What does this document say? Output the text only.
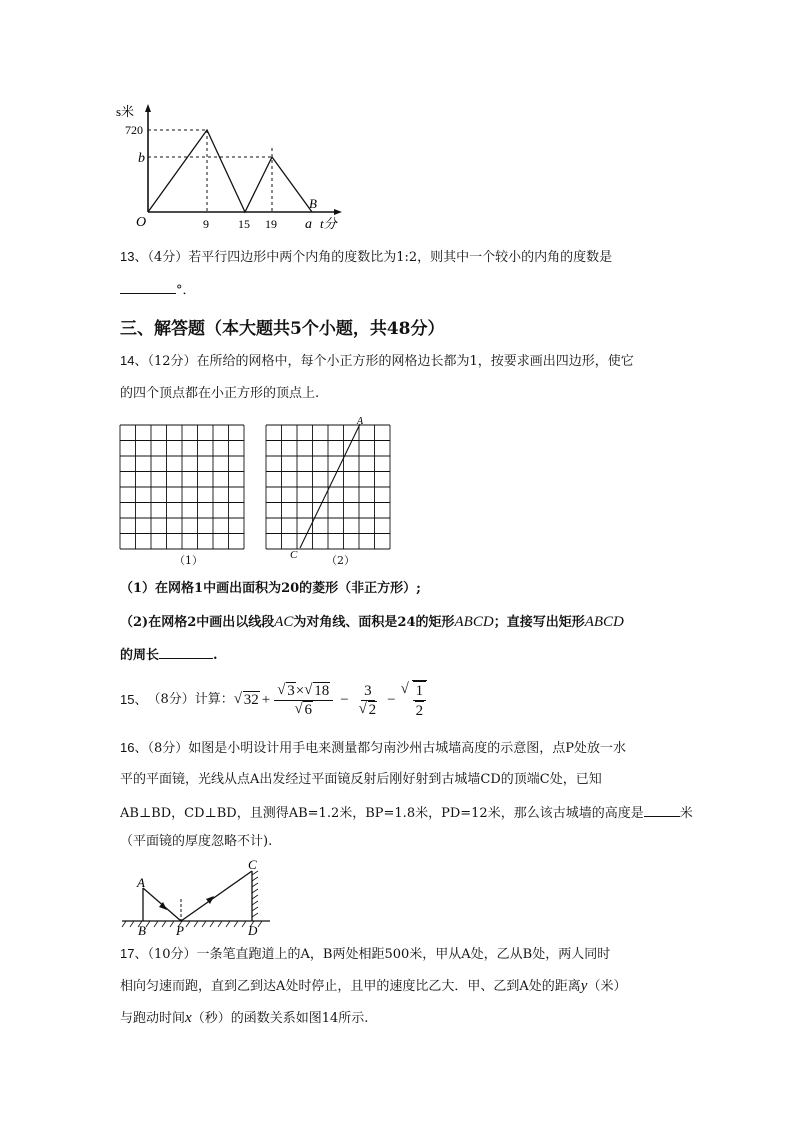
s米
720
b
O	9 15 19 a t分
B
13、（4分）若平行四边形中两个内角的度数比为1:2，则其中一个较小的内角的度数是
°．
三、解答题（本大题共5个小题，共48分）
14、（12分）在所给的网格中，每个小正方形的网格边长都为1，按要求画出四边形，使它
的四个顶点都在小正方形的顶点上.
（1）
A
C	（2）
（1）在网格1中画出面积为20的菱形（非正方形）;
（2)在网格2中画出以线段AC为对角线、面积是24的矩形ABCD；直接写出矩形ABCD
的周长	.
15、 （8分） 计算： √ 32 + √ 3× √ 18
√ 6 − 3
√ 2 − √ $\frac{1}{2}$
16、（8分）如图是小明设计用手电来测量都匀南沙州古城墙高度的示意图，点P处放一水
平的平面镜，光线从点A出发经过平面镜反射后刚好射到古城墙CD的顶端C处，已知
AB⊥BD，CD⊥BD，且测得AB=1.2米，BP=1.8米，PD=12米，那么该古城墙的高度是	米
（平面镜的厚度忽略不计).
A
B P
C
D
17、（10分）一条笔直跑道上的A，B两处相距500米，甲从A处，乙从B处，两人同时
相向匀速而跑，直到乙到达A处时停止，且甲的速度比乙大．甲、乙到A处的距离y（米）
与跑动时间x（秒）的函数关系如图14所示.
